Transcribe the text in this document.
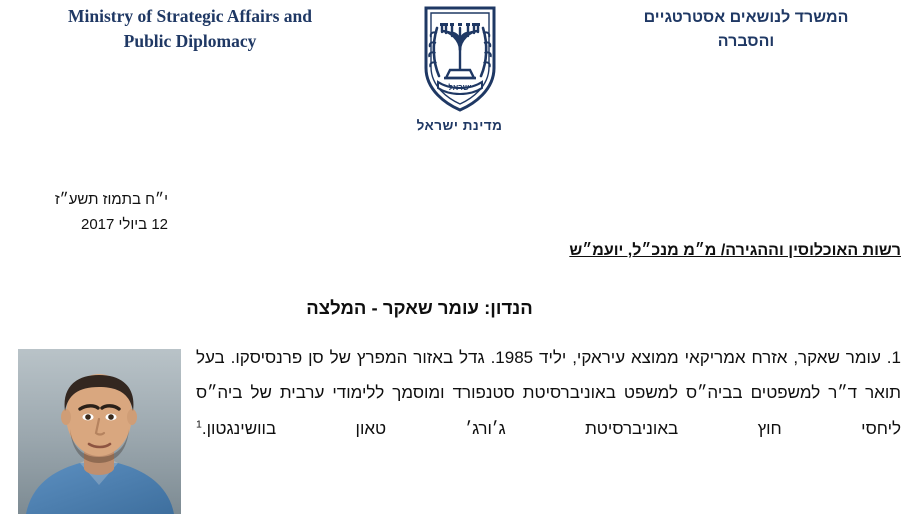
Ministry of Strategic Affairs and
Public Diplomacy
ישראל
מדינת ישראל
המשרד לנושאים אסטרטגיים
והסברה
י״ח בתמוז תשע״ז
12 ביולי 2017
רשות האוכלוסין וההגירה/ מ״מ מנכ״ל, יועמ״ש
הנדון: עומר שאקר - המלצה
1. עומר שאקר, אזרח אמריקאי ממוצא עיראקי, יליד 1985. גדל באזור המפרץ של סן פרנסיסקו. בעל תואר ד״ר למשפטים בביה״ס למשפט באוניברסיטת סטנפורד ומוסמך ללימודי ערבית של ביה״ס ליחסי חוץ באוניברסיטת ג׳ורג׳ טאון בוושינגטון.$^1$
